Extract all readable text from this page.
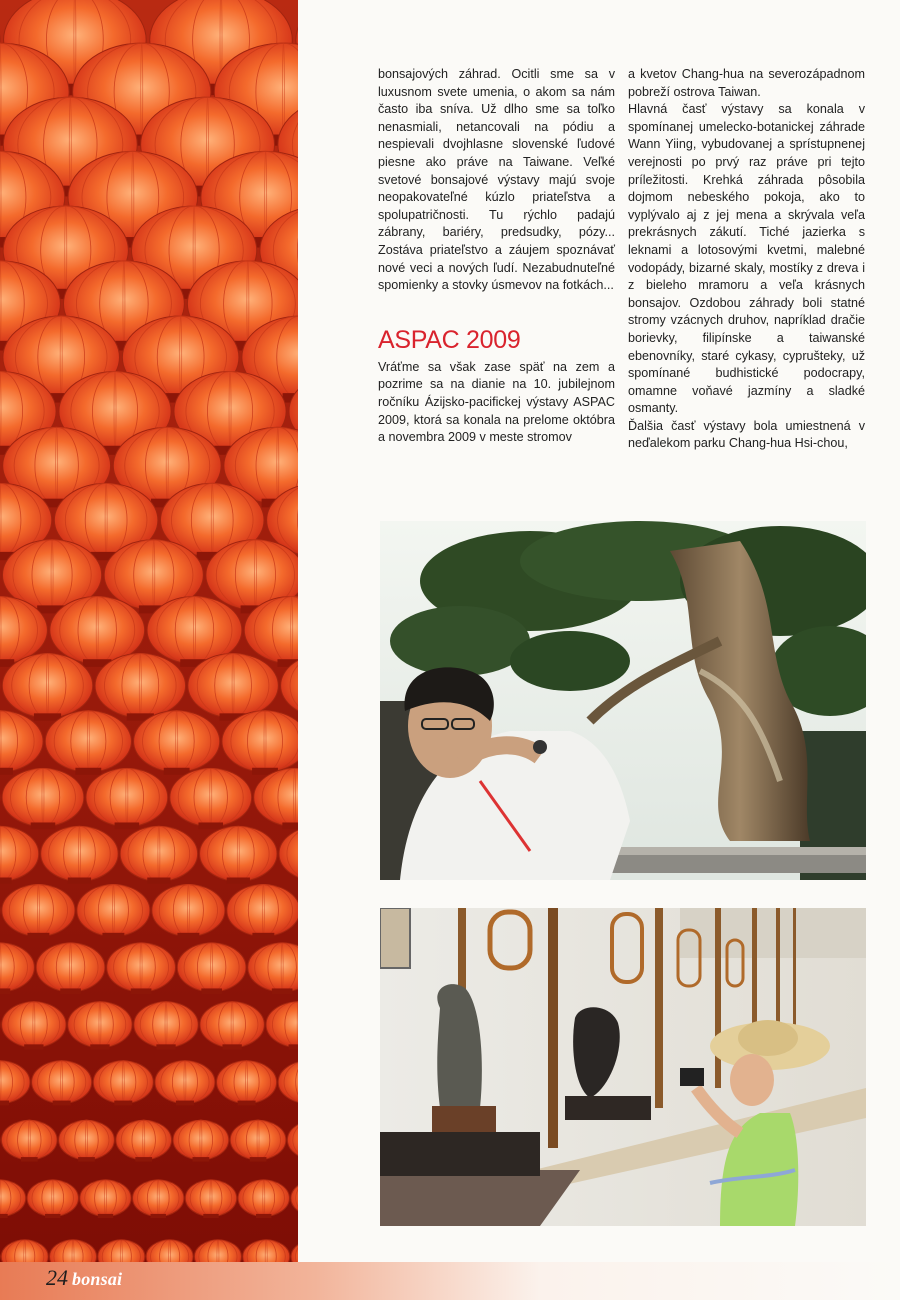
bonsajových záhrad. Ocitli sme sa v luxusnom svete umenia, o akom sa nám často iba sníva. Už dlho sme sa toľko nenasmiali, netancovali na pódiu a nespievali dvojhlasne slovenské ľudové piesne ako práve na Taiwane. Veľké svetové bonsajové výstavy majú svoje neopakovateľné kúzlo priateľstva a spolupatričnosti. Tu rýchlo padajú zábrany, bariéry, predsudky, pózy... Zostáva priateľstvo a záujem spoznávať nové veci a nových ľudí. Nezabudnuteľné spomienky a stovky úsmevov na fotkách...

ASPAC 2009

Vráťme sa však zase späť na zem a pozrime sa na dianie na 10. jubilejnom ročníku Ázijsko-pacifickej výstavy ASPAC 2009, ktorá sa konala na prelome októbra a novembra 2009 v meste stromov

a kvetov Chang-hua na severozápadnom pobreží ostrova Taiwan.

Hlavná časť výstavy sa konala v spomínanej umelecko-botanickej záhrade Wann Yiing, vybudovanej a sprístupnenej verejnosti po prvý raz práve pri tejto príležitosti. Krehká záhrada pôsobila dojmom nebeského pokoja, ako to vyplývalo aj z jej mena a skrývala veľa prekrásnych zákutí. Tiché jazierka s leknami a lotosovými kvetmi, malebné vodopády, bizarné skaly, mostíky z dreva i z bieleho mramoru a veľa krásnych bonsajov. Ozdobou záhrady boli statné stromy vzácnych druhov, napríklad dračie borievky, filipínske a taiwanské ebenovníky, staré cykasy, cyprušteky, už spomínané budhistické podocrapy, omamne voňavé jazmíny a sladké osmanty.

Ďalšia časť výstavy bola umiestnená v neďalekom parku Chang-hua Hsi-chou,

24 bonsai
